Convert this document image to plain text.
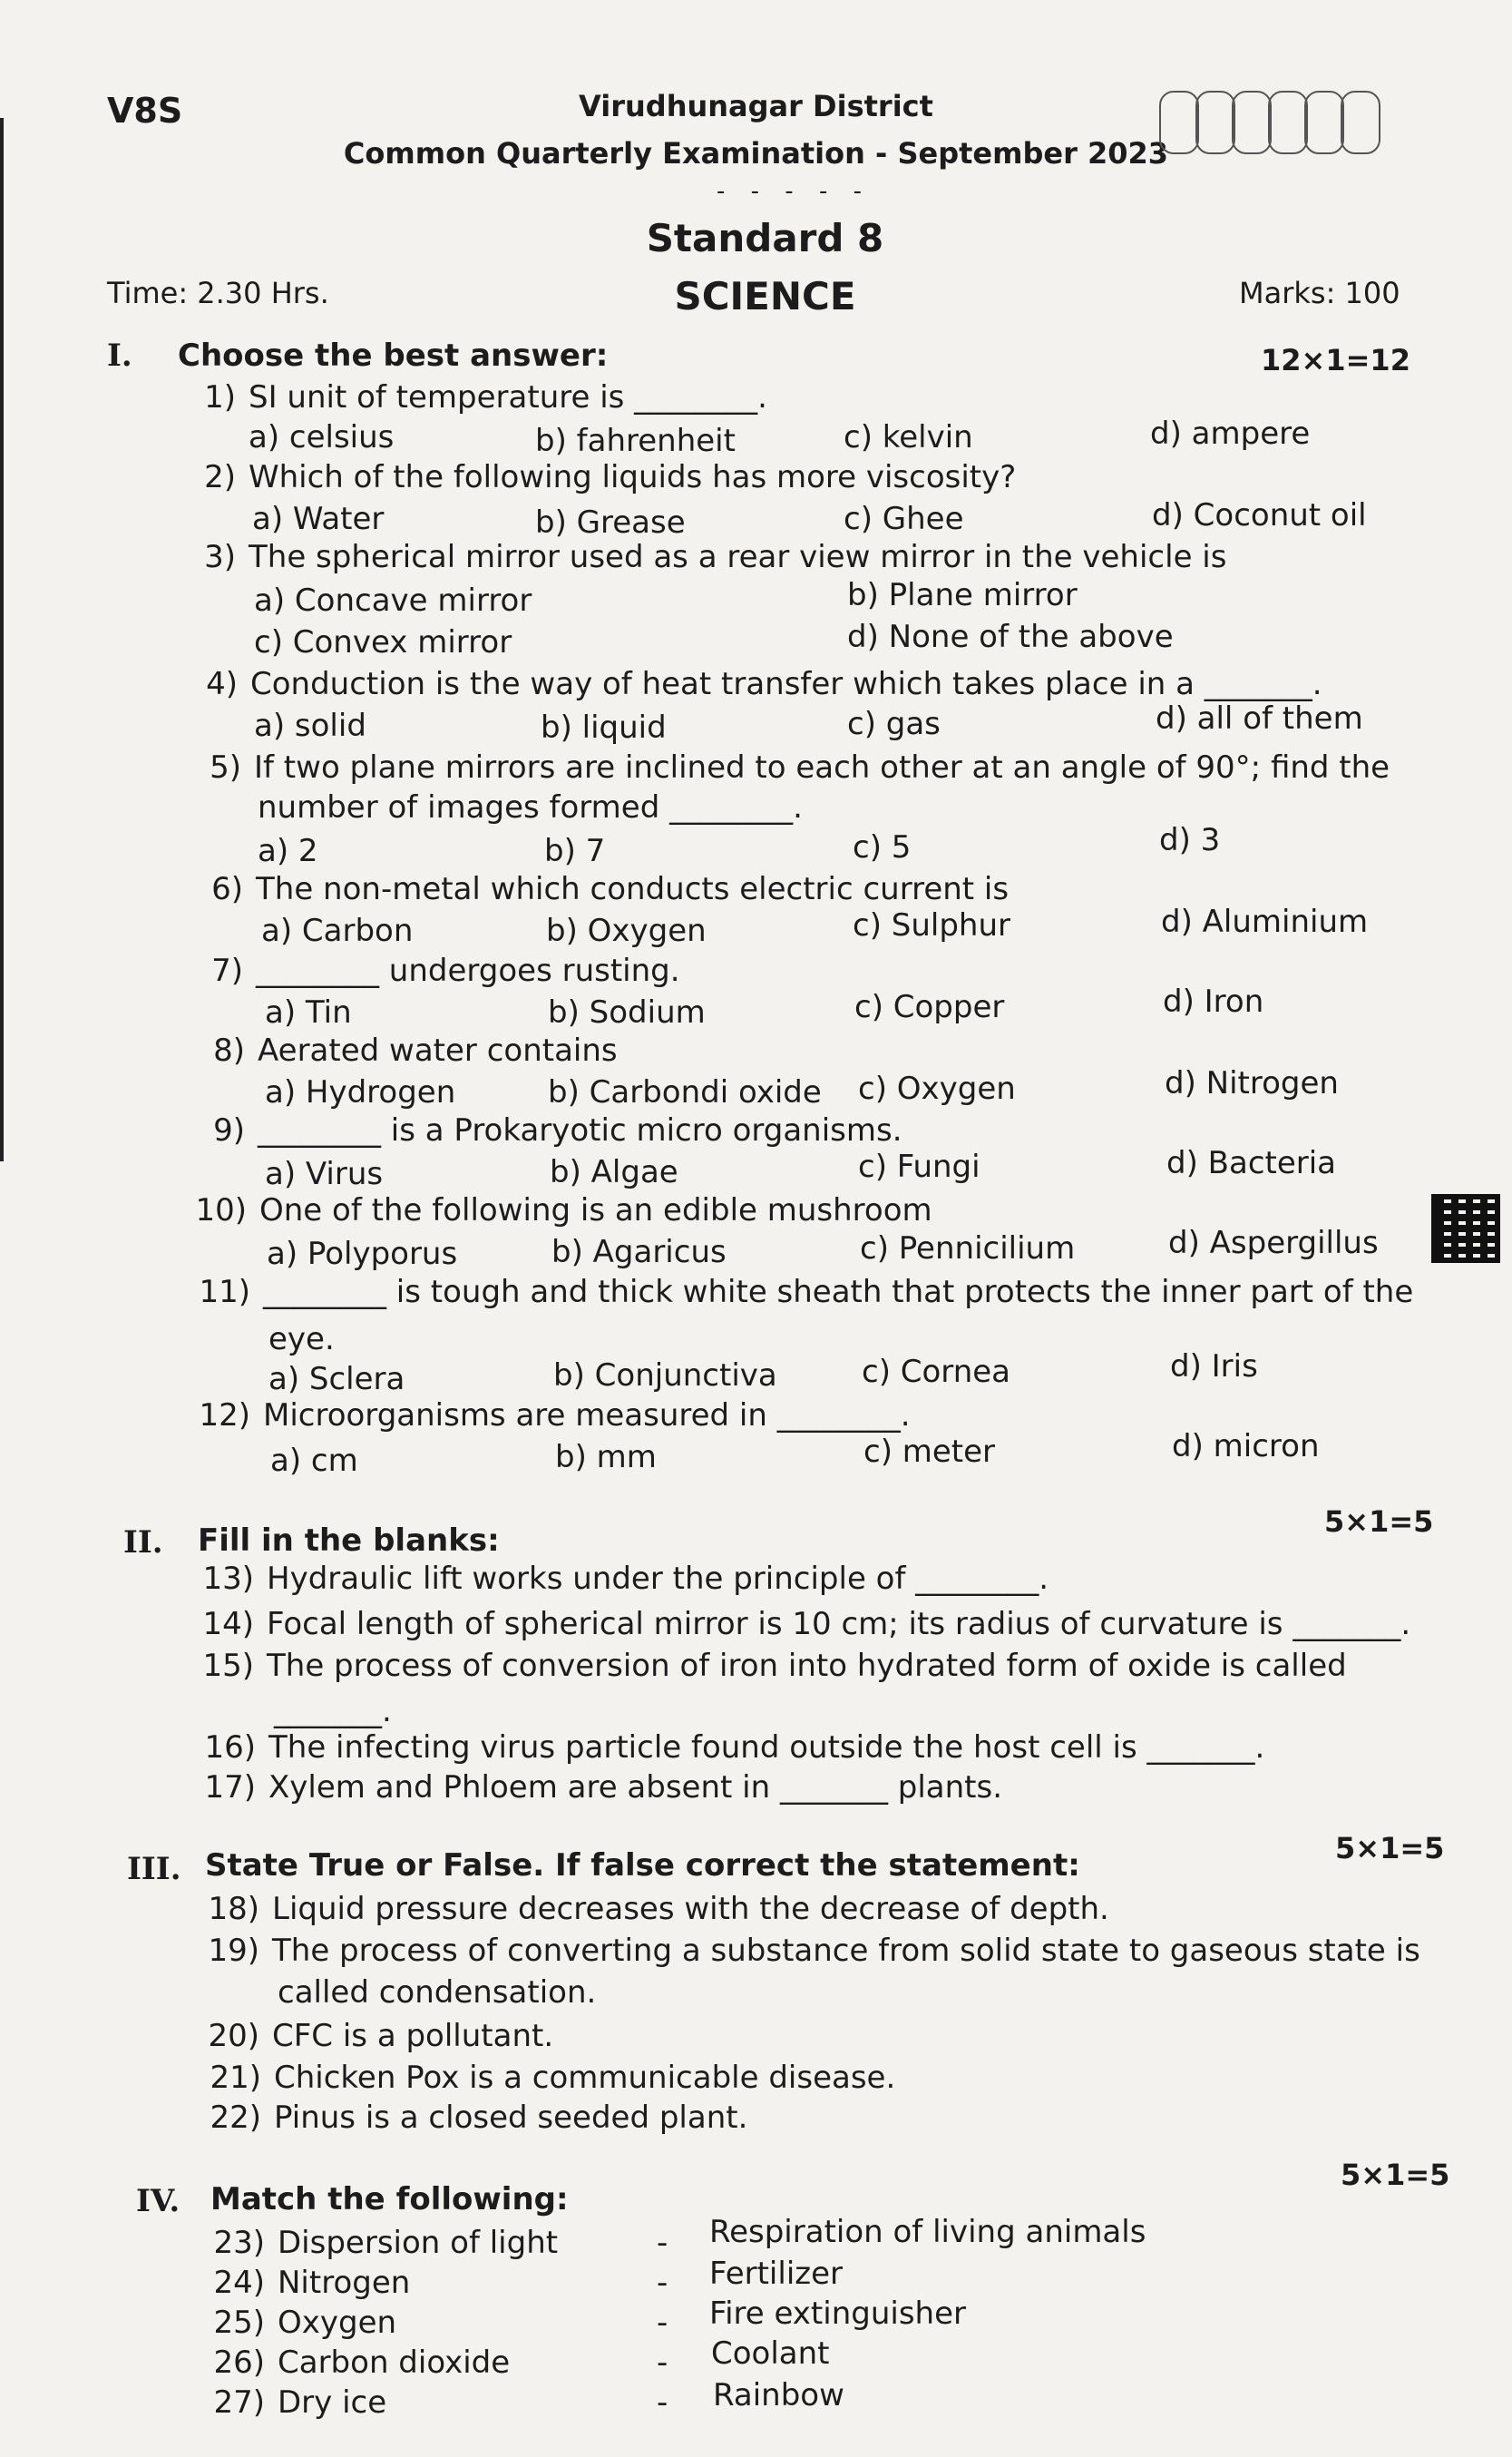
V8S	Virudhunagar District
Common Quarterly Examination - September 2023
- - - - -
Standard 8
Time: 2.30 Hrs.	SCIENCE	Marks: 100
I. Choose the best answer:	12×1=12
1) SI unit of temperature is ________.
a) celsius	b) fahrenheit	c) kelvin	d) ampere
2) Which of the following liquids has more viscosity?
a) Water	b) Grease	c) Ghee	d) Coconut oil
3) The spherical mirror used as a rear view mirror in the vehicle is
a) Concave mirror	b) Plane mirror
c) Convex mirror	d) None of the above
4) Conduction is the way of heat transfer which takes place in a _______.
a) solid	b) liquid	c) gas	d) all of them
5) If two plane mirrors are inclined to each other at an angle of 90°; find the
number of images formed ________.
a) 2	b) 7	c) 5	d) 3
6) The non-metal which conducts electric current is
a) Carbon	b) Oxygen	c) Sulphur	d) Aluminium
7) ________ undergoes rusting.
a) Tin	b) Sodium	c) Copper	d) Iron
8) Aerated water contains
a) Hydrogen	b) Carbondi oxide c) Oxygen	d) Nitrogen
9) ________ is a Prokaryotic micro organisms.
a) Virus	b) Algae	c) Fungi	d) Bacteria
10) One of the following is an edible mushroom
a) Polyporus	b) Agaricus	c) Pennicilium	d) Aspergillus
11) ________ is tough and thick white sheath that protects the inner part of the
eye.
a) Sclera	b) Conjunctiva	c) Cornea	d) Iris
12) Microorganisms are measured in ________.
a) cm	b) mm	c) meter	d) micron
II. Fill in the blanks:
5×1=5
13) Hydraulic lift works under the principle of ________.
14) Focal length of spherical mirror is 10 cm; its radius of curvature is _______.
15) The process of conversion of iron into hydrated form of oxide is called
_______.
16) The infecting virus particle found outside the host cell is _______.
17) Xylem and Phloem are absent in _______ plants.
III. State True or False. If false correct the statement:	5×1=5
18) Liquid pressure decreases with the decrease of depth.
19) The process of converting a substance from solid state to gaseous state is
called condensation.
20) CFC is a pollutant.
21) Chicken Pox is a communicable disease.
22) Pinus is a closed seeded plant.
IV. Match the following:
5×1=5
23) Dispersion of light	- Respiration of living animals
24) Nitrogen	- Fertilizer
25) Oxygen	- Fire extinguisher
26) Carbon dioxide	- Coolant
27) Dry ice	- Rainbow
